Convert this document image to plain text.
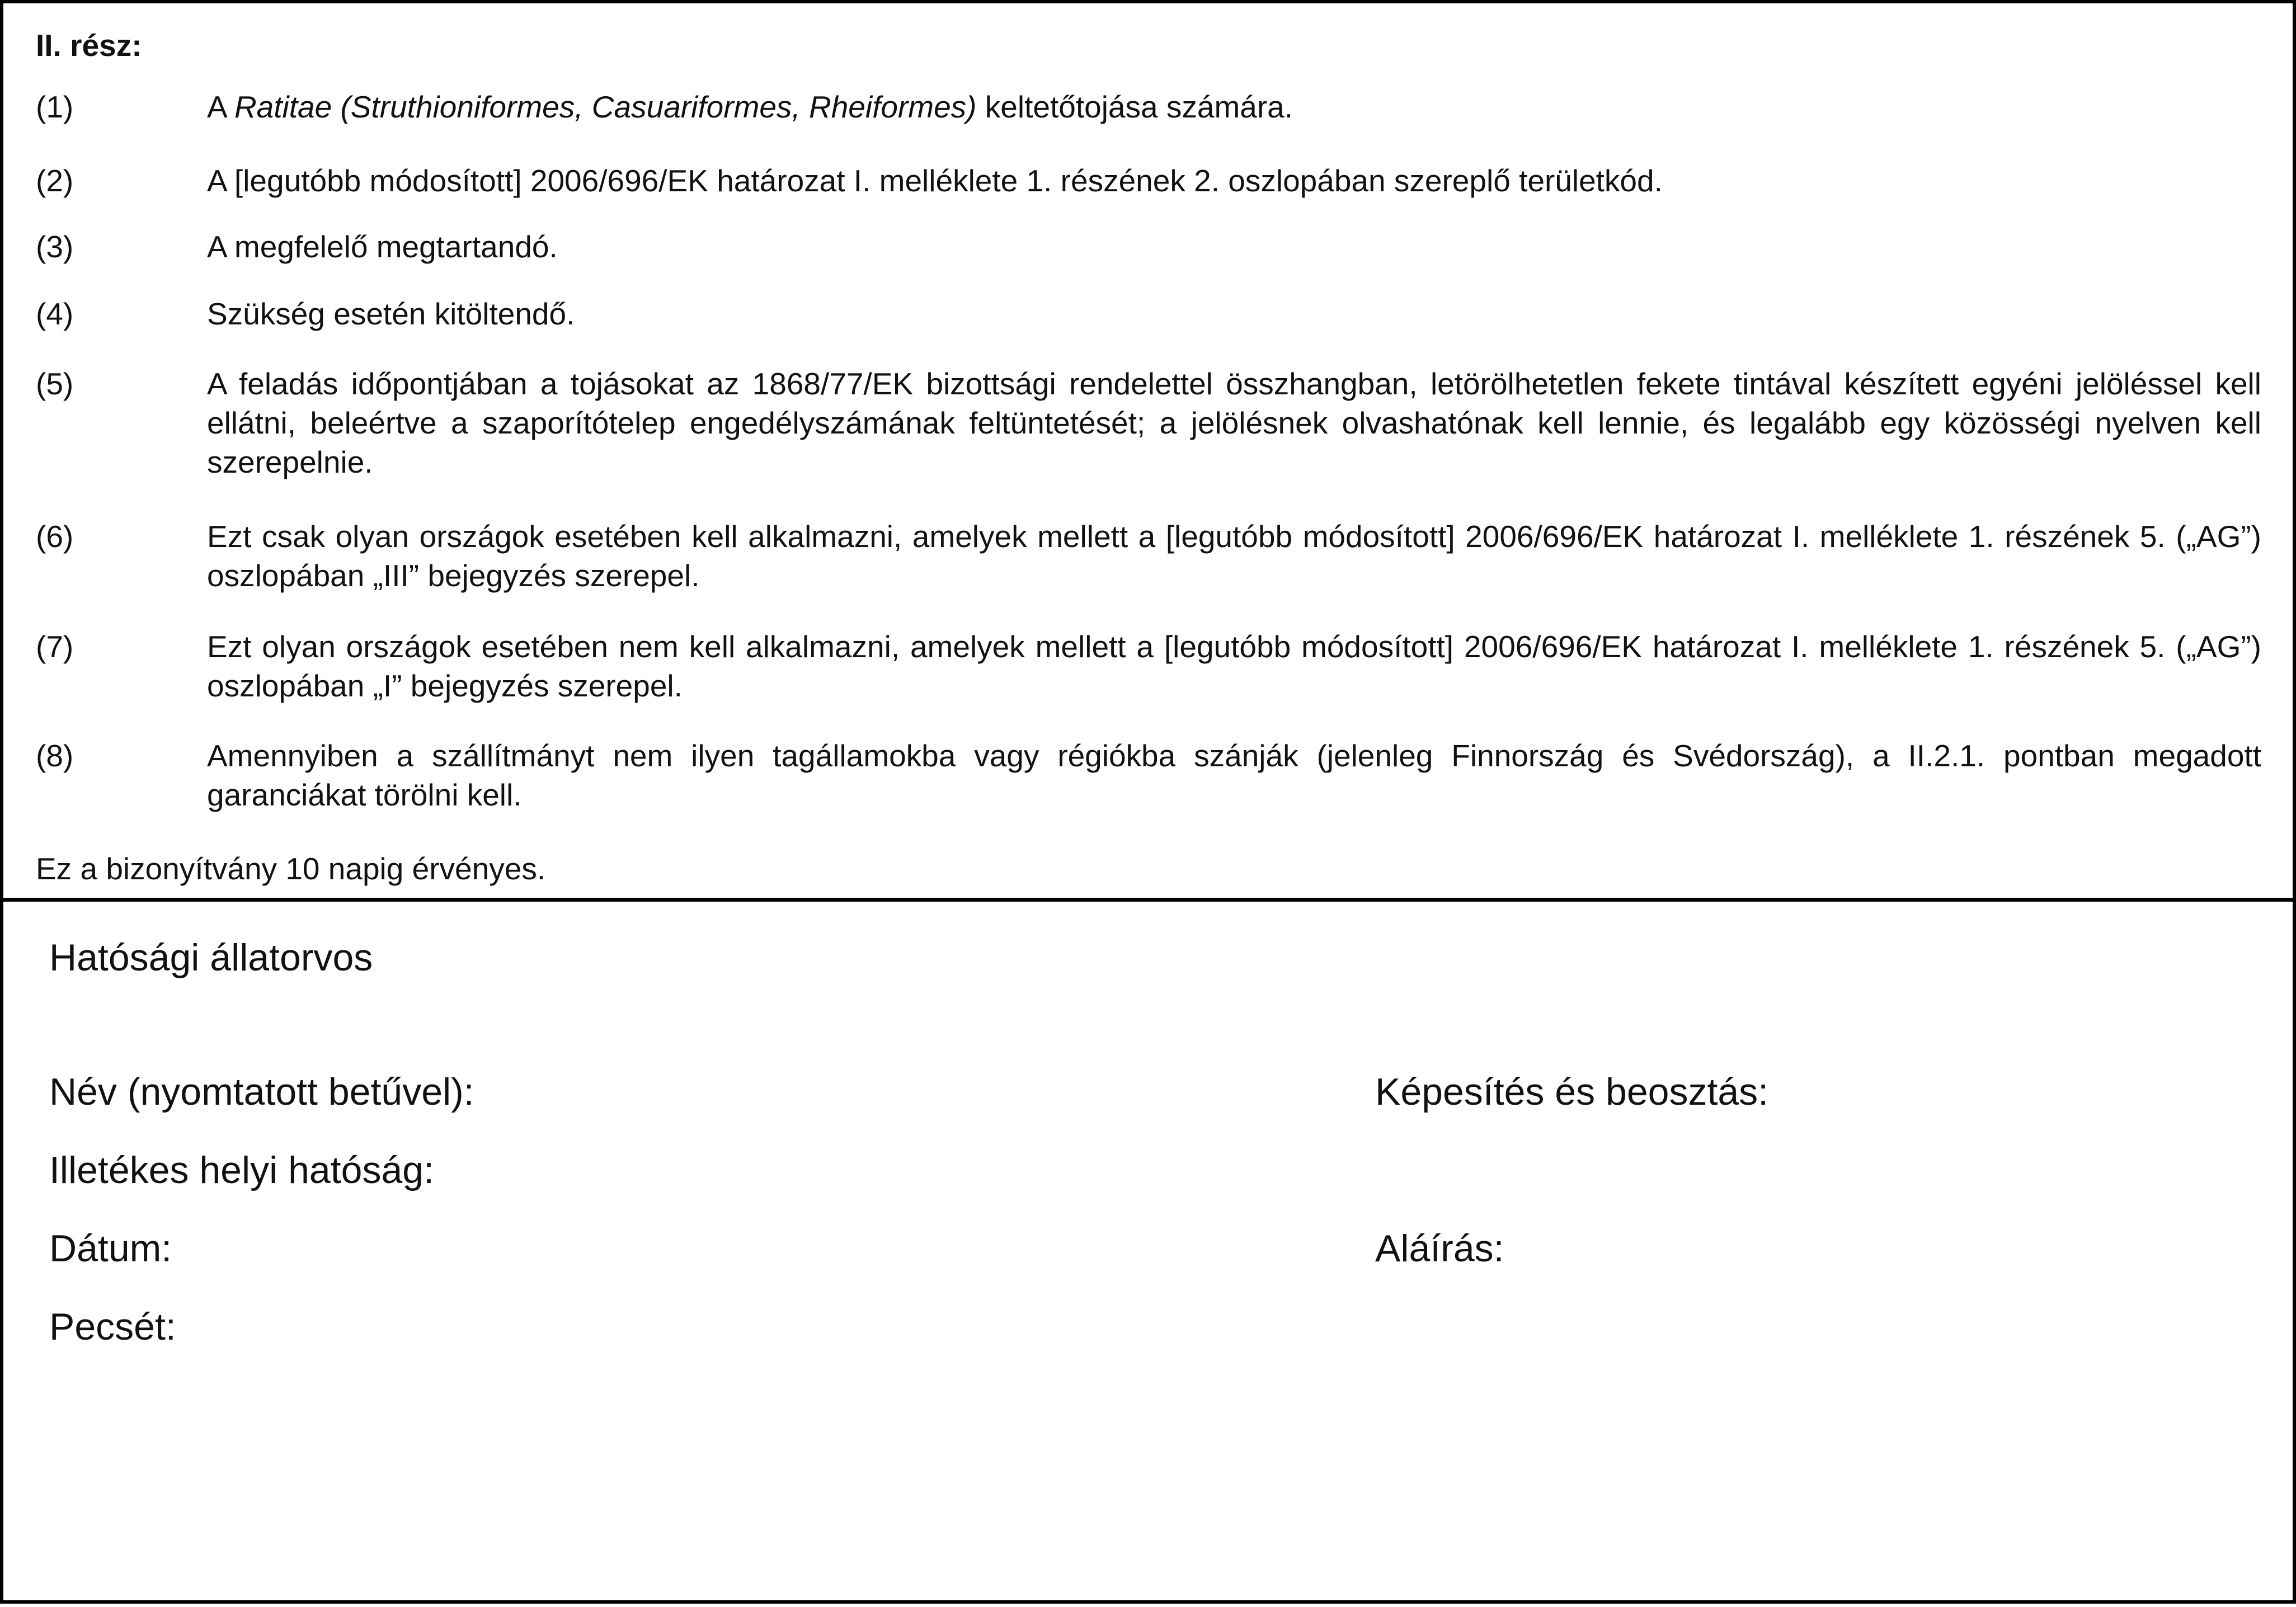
II. rész:
(1)	A Ratitae (Struthioniformes, Casuariformes, Rheiformes) keltetőtojása számára.
(2)	A [legutóbb módosított] 2006/696/EK határozat I. melléklete 1. részének 2. oszlopában szereplő területkód.
(3)	A megfelelő megtartandó.
(4)	Szükség esetén kitöltendő.
(5)	A feladás időpontjában a tojásokat az 1868/77/EK bizottsági rendelettel összhangban, letörölhetetlen fekete tintával készített egyéni jelöléssel kell ellátni, beleértve a szaporítótelep engedélyszámának feltüntetését; a jelölésnek olvashatónak kell lennie, és legalább egy közösségi nyelven kell szerepelnie.
(6)	Ezt csak olyan országok esetében kell alkalmazni, amelyek mellett a [legutóbb módosított] 2006/696/EK határozat I. melléklete 1. részének 5. („AG”) oszlopában „III” bejegyzés szerepel.
(7)	Ezt olyan országok esetében nem kell alkalmazni, amelyek mellett a [legutóbb módosított] 2006/696/EK határozat I. melléklete 1. részének 5. („AG”) oszlopában „I” bejegyzés szerepel.
(8)	Amennyiben a szállítmányt nem ilyen tagállamokba vagy régiókba szánják (jelenleg Finnország és Svédország), a II.2.1. pontban megadott garanciákat törölni kell.
Ez a bizonyítvány 10 napig érvényes.
Hatósági állatorvos
Név (nyomtatott betűvel):	Képesítés és beosztás:
Illetékes helyi hatóság:
Dátum:	Aláírás:
Pecsét:
